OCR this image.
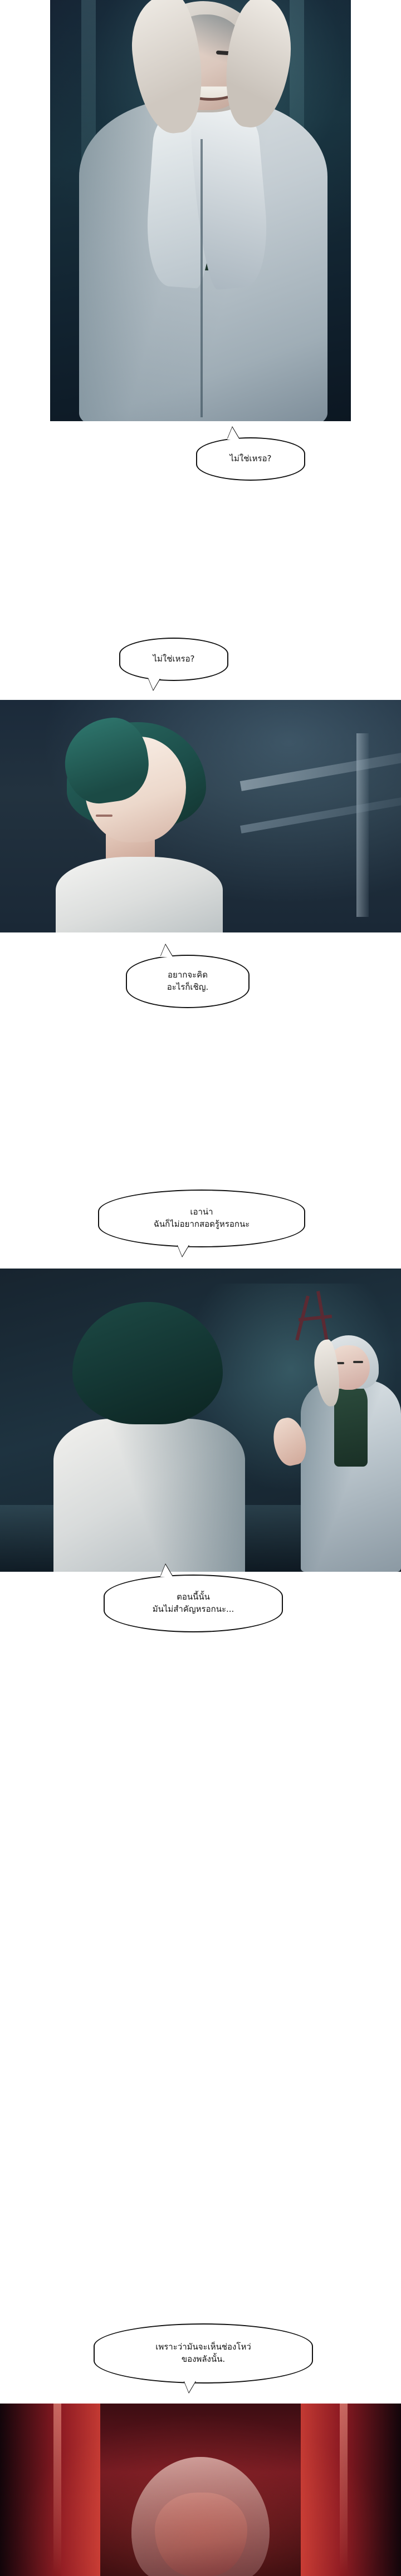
ไม่ใช่เหรอ?
ไม่ใช่เหรอ?
อยากจะคิด
อะไรก็เชิญ.
เอาน่า
ฉันก็ไม่อยากสอดรู้หรอกนะ
ตอนนี้นั้น
มันไม่สำคัญหรอกนะ...
เพราะว่ามันจะเห็นช่องโหว่
ของพลังนั้น.
